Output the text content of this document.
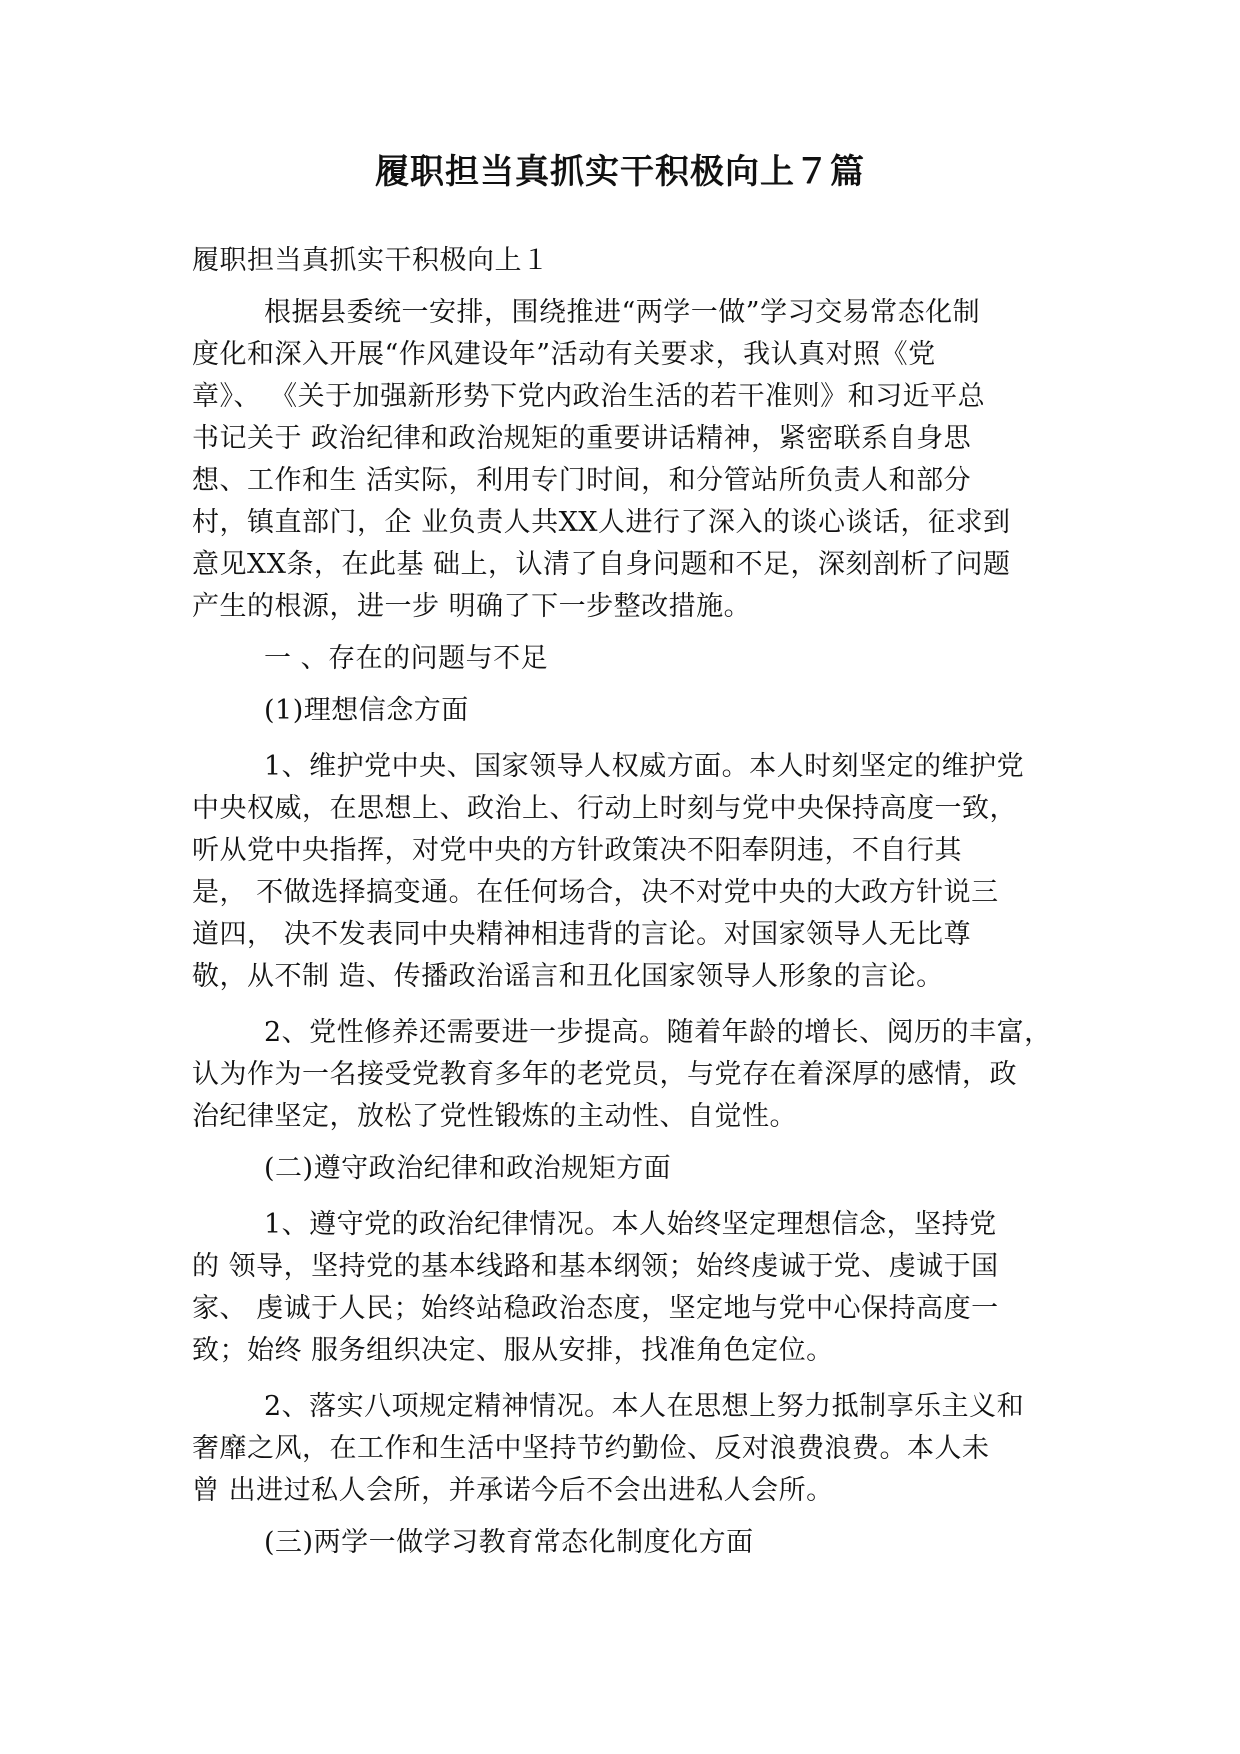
履职担当真抓实干积极向上７篇
履职担当真抓实干积极向上１
根据县委统一安排，围绕推进“两学一做”学习交易常态化制
度化和深入开展“作风建设年”活动有关要求，我认真对照《党
章》、 《关于加强新形势下党内政治生活的若干准则》和习近平总
书记关于 政治纪律和政治规矩的重要讲话精神，紧密联系自身思
想、工作和生 活实际，利用专门时间，和分管站所负责人和部分
村，镇直部门，企 业负责人共XX人进行了深入的谈心谈话，征求到
意见XX条，在此基 础上，认清了自身问题和不足，深刻剖析了问题
产生的根源，进一步 明确了下一步整改措施。
一 、存在的问题与不足
(1)理想信念方面
1、维护党中央、国家领导人权威方面。本人时刻坚定的维护党
中央权威，在思想上、政治上、行动上时刻与党中央保持高度一致，
听从党中央指挥，对党中央的方针政策决不阳奉阴违，不自行其
是， 不做选择搞变通。在任何场合，决不对党中央的大政方针说三
道四， 决不发表同中央精神相违背的言论。对国家领导人无比尊
敬，从不制 造、传播政治谣言和丑化国家领导人形象的言论。
2、党性修养还需要进一步提高。随着年龄的增长、阅历的丰富，
认为作为一名接受党教育多年的老党员，与党存在着深厚的感情，政
治纪律坚定，放松了党性锻炼的主动性、自觉性。
(二)遵守政治纪律和政治规矩方面
1、遵守党的政治纪律情况。本人始终坚定理想信念，坚持党
的 领导，坚持党的基本线路和基本纲领；始终虔诚于党、虔诚于国
家、 虔诚于人民；始终站稳政治态度，坚定地与党中心保持高度一
致；始终 服务组织决定、服从安排，找准角色定位。
2、落实八项规定精神情况。本人在思想上努力抵制享乐主义和
奢靡之风，在工作和生活中坚持节约勤俭、反对浪费浪费。本人未
曾 出进过私人会所，并承诺今后不会出进私人会所。
(三)两学一做学习教育常态化制度化方面
